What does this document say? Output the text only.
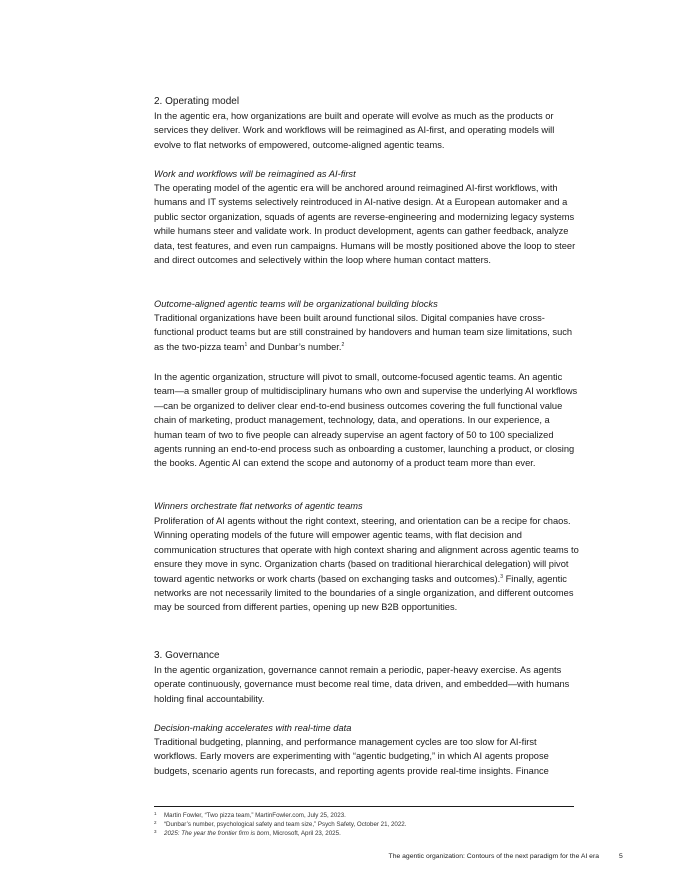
2. Operating model
In the agentic era, how organizations are built and operate will evolve as much as the products or services they deliver. Work and workflows will be reimagined as AI-first, and operating models will evolve to flat networks of empowered, outcome-aligned agentic teams.
Work and workflows will be reimagined as AI-first
The operating model of the agentic era will be anchored around reimagined AI-first workflows, with humans and IT systems selectively reintroduced in AI-native design. At a European automaker and a public sector organization, squads of agents are reverse-engineering and modernizing legacy systems while humans steer and validate work. In product development, agents can gather feedback, analyze data, test features, and even run campaigns. Humans will be mostly positioned above the loop to steer and direct outcomes and selectively within the loop where human contact matters.
Outcome-aligned agentic teams will be organizational building blocks
Traditional organizations have been built around functional silos. Digital companies have cross-functional product teams but are still constrained by handovers and human team size limitations, such as the two-pizza team$^1$ and Dunbar’s number.$^2$
In the agentic organization, structure will pivot to small, outcome-focused agentic teams. An agentic team—a smaller group of multidisciplinary humans who own and supervise the underlying AI workflows—can be organized to deliver clear end-to-end business outcomes covering the full functional value chain of marketing, product management, technology, data, and operations. In our experience, a human team of two to five people can already supervise an agent factory of 50 to 100 specialized agents running an end-to-end process such as onboarding a customer, launching a product, or closing the books. Agentic AI can extend the scope and autonomy of a product team more than ever.
Winners orchestrate flat networks of agentic teams
Proliferation of AI agents without the right context, steering, and orientation can be a recipe for chaos. Winning operating models of the future will empower agentic teams, with flat decision and communication structures that operate with high context sharing and alignment across agentic teams to ensure they move in sync. Organization charts (based on traditional hierarchical delegation) will pivot toward agentic networks or work charts (based on exchanging tasks and outcomes).$^3$ Finally, agentic networks are not necessarily limited to the boundaries of a single organization, and different outcomes may be sourced from different parties, opening up new B2B opportunities.
3. Governance
In the agentic organization, governance cannot remain a periodic, paper-heavy exercise. As agents operate continuously, governance must become real time, data driven, and embedded—with humans holding final accountability.
Decision-making accelerates with real-time data
Traditional budgeting, planning, and performance management cycles are too slow for AI-first workflows. Early movers are experimenting with “agentic budgeting,” in which AI agents propose budgets, scenario agents run forecasts, and reporting agents provide real-time insights. Finance
1 Martin Fowler, “Two pizza team,” MartinFowler.com, July 25, 2023.
2 “Dunbar’s number, psychological safety and team size,” Psych Safety, October 21, 2022.
3 2025: The year the frontier firm is born, Microsoft, April 23, 2025.
The agentic organization: Contours of the next paradigm for the AI era	5
